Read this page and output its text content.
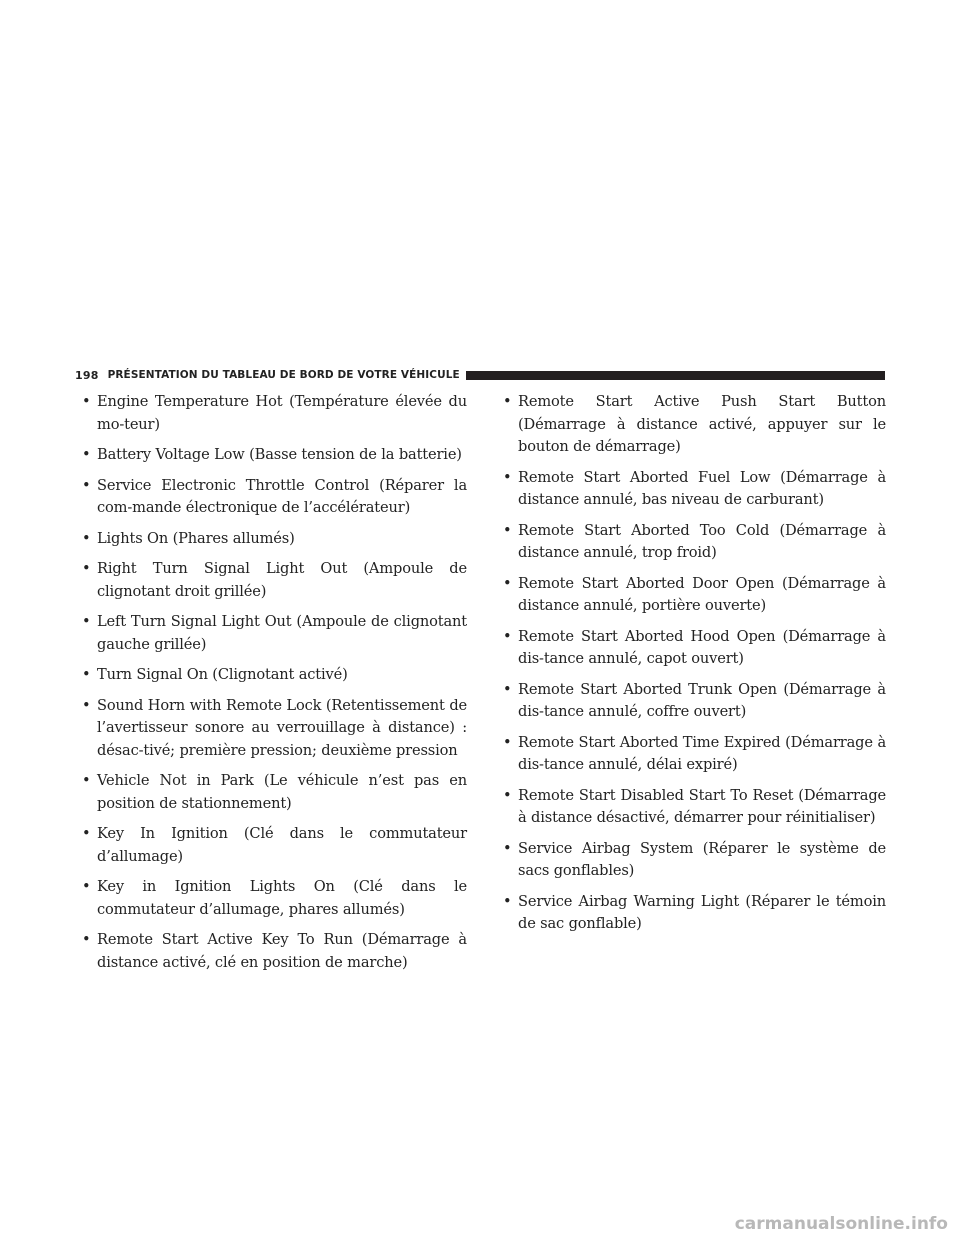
198 PRÉSENTATION DU TABLEAU DE BORD DE VOTRE VÉHICULE
• Engine Temperature Hot (Température élevée du mo-teur)
• Battery Voltage Low (Basse tension de la batterie)
• Service Electronic Throttle Control (Réparer la com-mande électronique de l’accélérateur)
• Lights On (Phares allumés)
• Right Turn Signal Light Out (Ampoule de clignotant droit grillée)
• Left Turn Signal Light Out (Ampoule de clignotant gauche grillée)
• Turn Signal On (Clignotant activé)
• Sound Horn with Remote Lock (Retentissement de l’avertisseur sonore au verrouillage à distance) : désac-tivé; première pression; deuxième pression
• Vehicle Not in Park (Le véhicule n’est pas en position de stationnement)
• Key In Ignition (Clé dans le commutateur d’allumage)
• Key in Ignition Lights On (Clé dans le commutateur d’allumage, phares allumés)
• Remote Start Active Key To Run (Démarrage à distance activé, clé en position de marche)
• Remote Start Active Push Start Button (Démarrage à distance activé, appuyer sur le bouton de démarrage)
• Remote Start Aborted Fuel Low (Démarrage à distance annulé, bas niveau de carburant)
• Remote Start Aborted Too Cold (Démarrage à distance annulé, trop froid)
• Remote Start Aborted Door Open (Démarrage à distance annulé, portière ouverte)
• Remote Start Aborted Hood Open (Démarrage à dis-tance annulé, capot ouvert)
• Remote Start Aborted Trunk Open (Démarrage à dis-tance annulé, coffre ouvert)
• Remote Start Aborted Time Expired (Démarrage à dis-tance annulé, délai expiré)
• Remote Start Disabled Start To Reset (Démarrage à distance désactivé, démarrer pour réinitialiser)
• Service Airbag System (Réparer le système de sacs gonflables)
• Service Airbag Warning Light (Réparer le témoin de sac gonflable)
carmanualsonline.info
